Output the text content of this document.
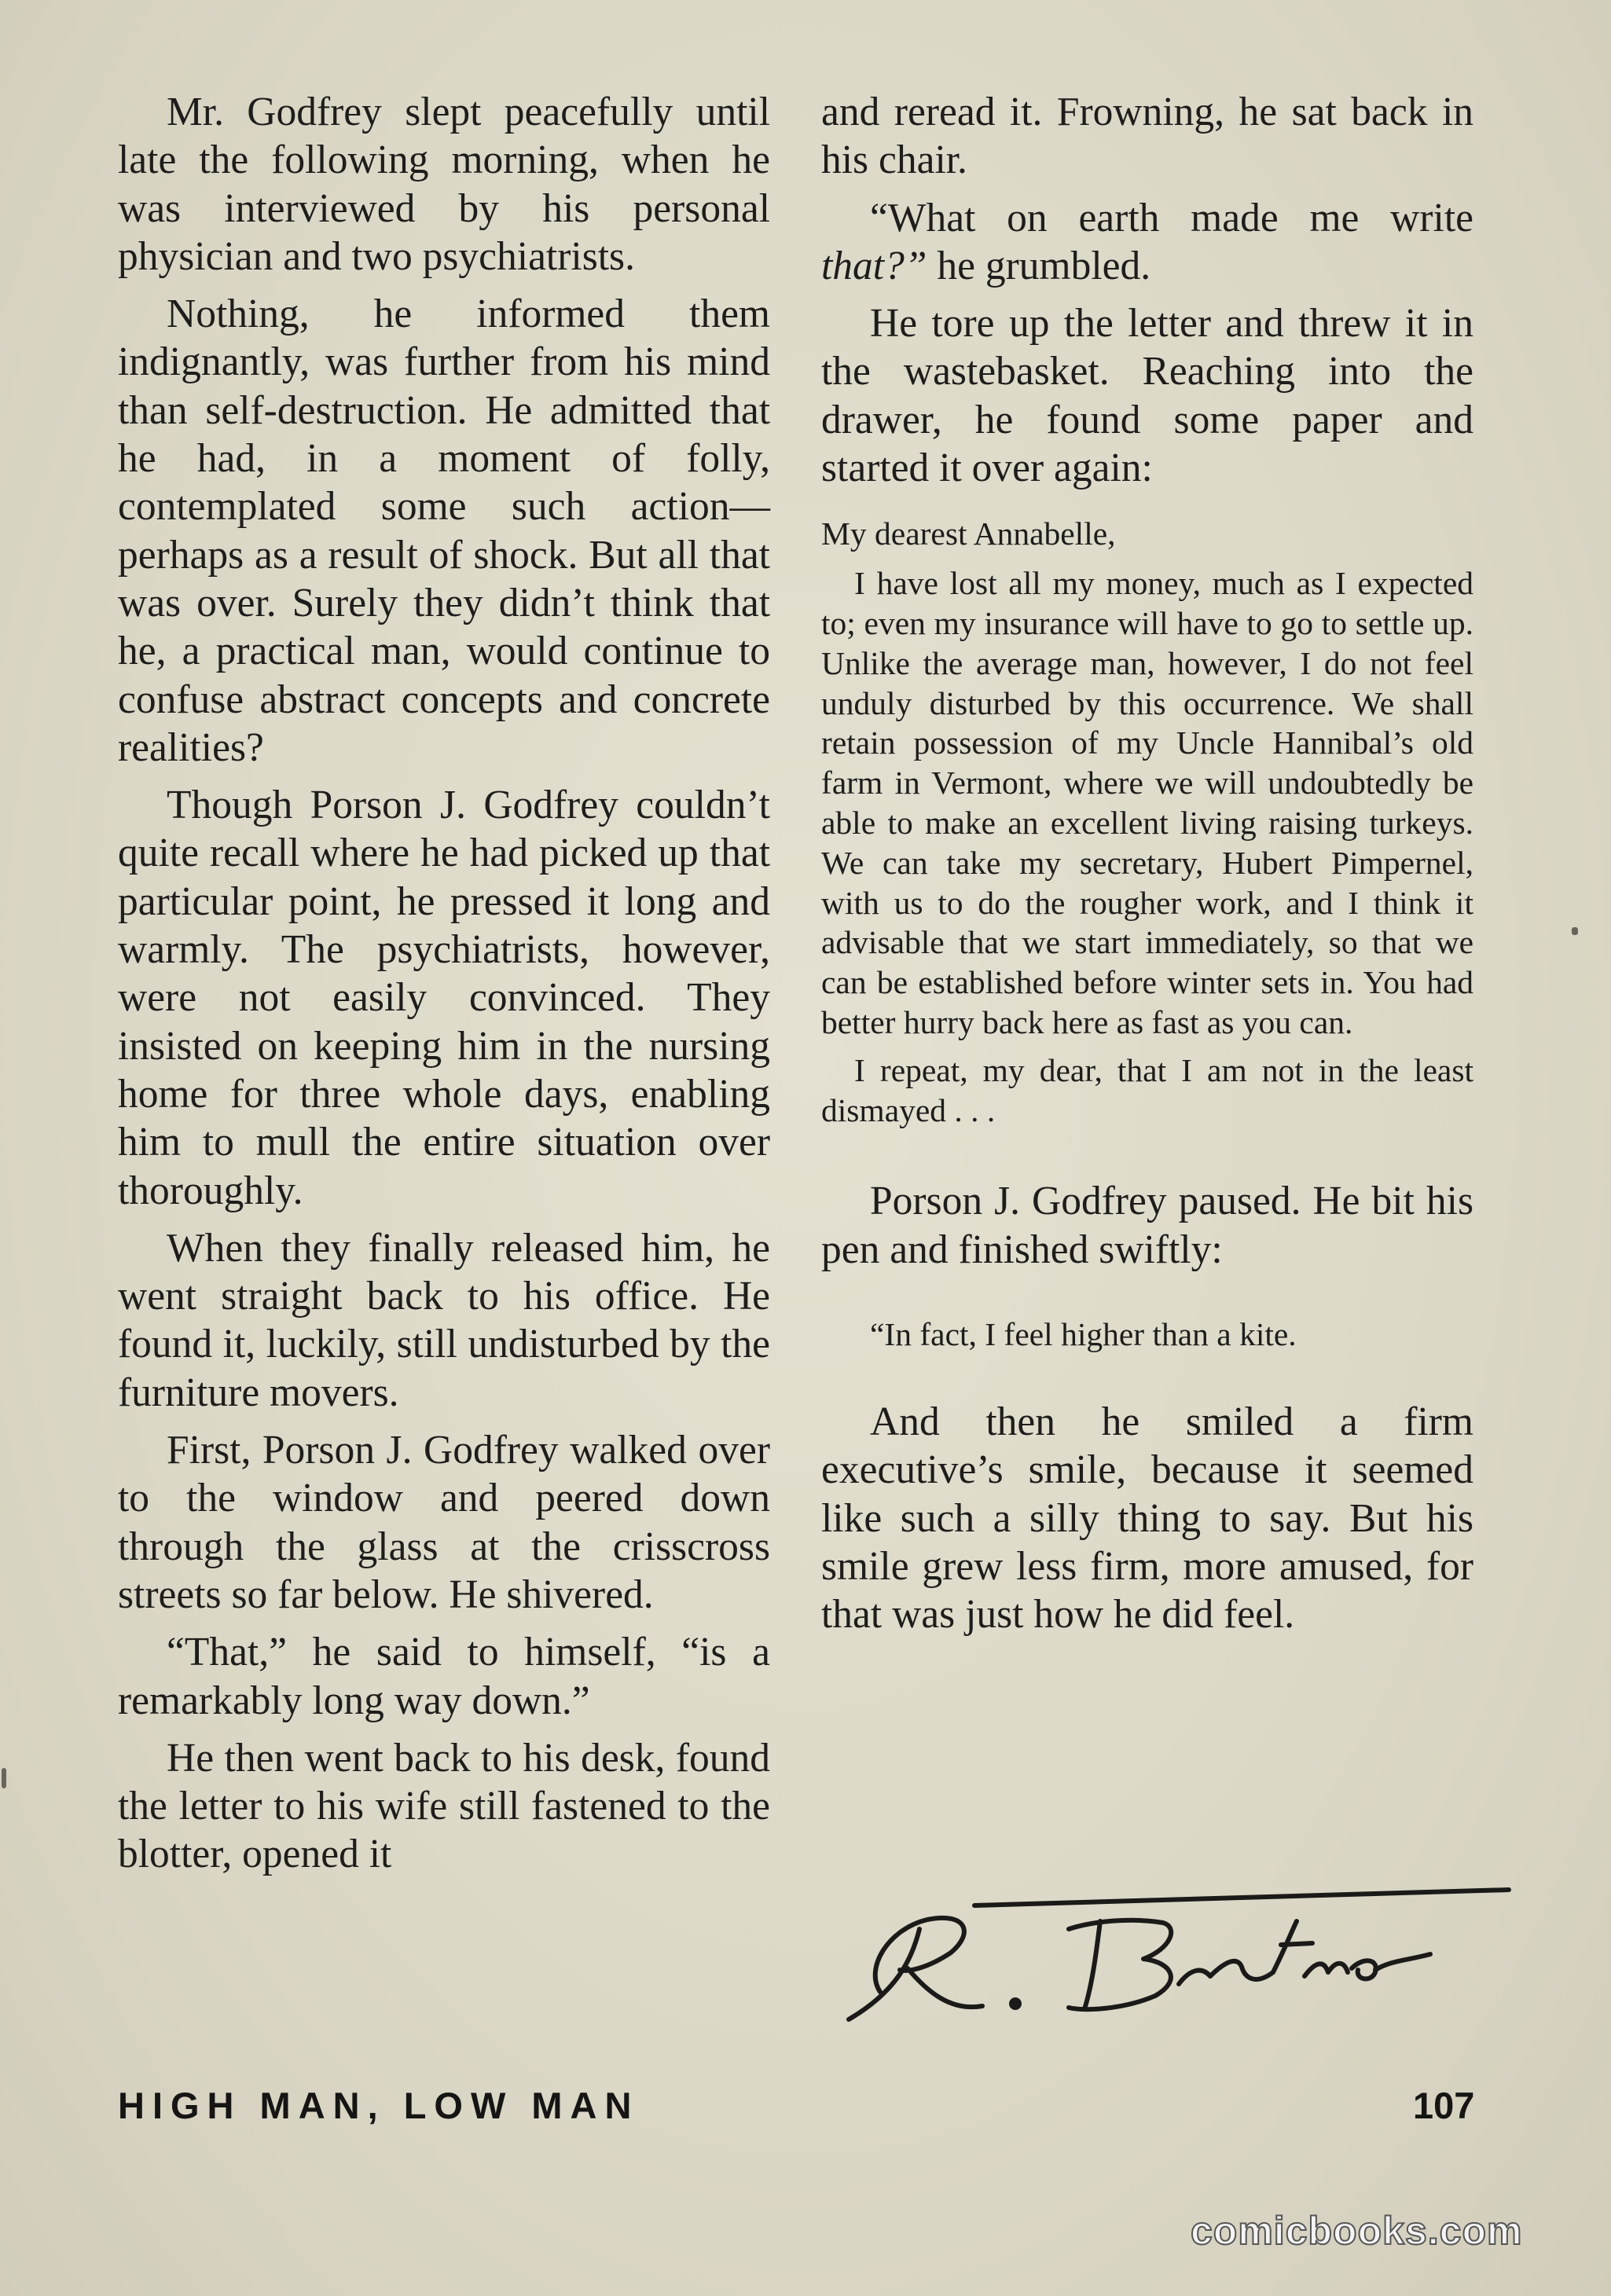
Mr. Godfrey slept peacefully until late the following morning, when he was interviewed by his personal physician and two psychiatrists.

Nothing, he informed them indignantly, was further from his mind than self-destruction. He admitted that he had, in a moment of folly, contemplated some such action—perhaps as a result of shock. But all that was over. Surely they didn’t think that he, a practical man, would continue to confuse abstract concepts and concrete realities?

Though Porson J. Godfrey couldn’t quite recall where he had picked up that particular point, he pressed it long and warmly. The psychiatrists, however, were not easily convinced. They insisted on keeping him in the nursing home for three whole days, enabling him to mull the entire situation over thoroughly.

When they finally released him, he went straight back to his office. He found it, luckily, still undisturbed by the furniture movers.

First, Porson J. Godfrey walked over to the window and peered down through the glass at the crisscross streets so far below. He shivered.

“That,” he said to himself, “is a remarkably long way down.”

He then went back to his desk, found the letter to his wife still fastened to the blotter, opened it

and reread it. Frowning, he sat back in his chair.

“What on earth made me write that?” he grumbled.

He tore up the letter and threw it in the wastebasket. Reaching into the drawer, he found some paper and started it over again:

My dearest Annabelle,

I have lost all my money, much as I expected to; even my insurance will have to go to settle up. Unlike the average man, however, I do not feel unduly disturbed by this occurrence. We shall retain possession of my Uncle Hannibal’s old farm in Vermont, where we will undoubtedly be able to make an excellent living raising turkeys. We can take my secretary, Hubert Pimpernel, with us to do the rougher work, and I think it advisable that we start immediately, so that we can be established before winter sets in. You had better hurry back here as fast as you can.

I repeat, my dear, that I am not in the least dismayed . . .

Porson J. Godfrey paused. He bit his pen and finished swiftly:

“In fact, I feel higher than a kite.

And then he smiled a firm executive’s smile, because it seemed like such a silly thing to say. But his smile grew less firm, more amused, for that was just how he did feel.

HIGH MAN, LOW MAN	107
comicbooks.com
